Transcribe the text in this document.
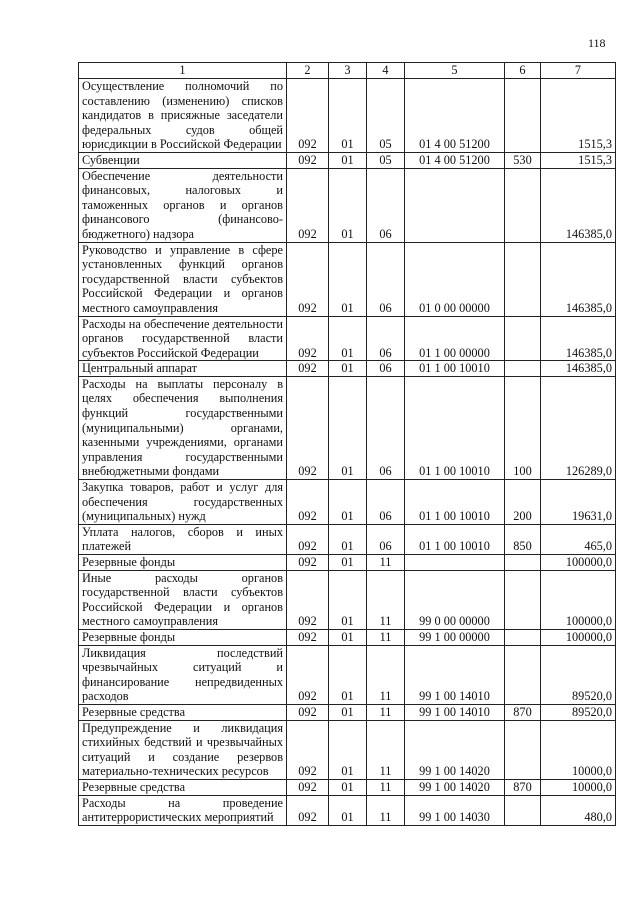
118
1	2	3	4	5	6	7
Осуществление полномочий по составлению (изменению) списков кандидатов в присяжные заседатели федеральных судов общей юрисдикции в Российской Федерации	092	01	05	01 4 00 51200		1515,3
Субвенции	092	01	05	01 4 00 51200	530	1515,3
Обеспечение деятельности финансовых, налоговых и таможенных органов и органов финансового (финансово-бюджетного) надзора	092	01	06			146385,0
Руководство и управление в сфере установленных функций органов государственной власти субъектов Российской Федерации и органов местного самоуправления	092	01	06	01 0 00 00000		146385,0
Расходы на обеспечение деятельности органов государственной власти субъектов Российской Федерации	092	01	06	01 1 00 00000		146385,0
Центральный аппарат	092	01	06	01 1 00 10010		146385,0
Расходы на выплаты персоналу в целях обеспечения выполнения функций государственными (муниципальными) органами, казенными учреждениями, органами управления государственными внебюджетными фондами	092	01	06	01 1 00 10010	100	126289,0
Закупка товаров, работ и услуг для обеспечения государственных (муниципальных) нужд	092	01	06	01 1 00 10010	200	19631,0
Уплата налогов, сборов и иных платежей	092	01	06	01 1 00 10010	850	465,0
Резервные фонды	092	01	11			100000,0
Иные расходы органов государственной власти субъектов Российской Федерации и органов местного самоуправления	092	01	11	99 0 00 00000		100000,0
Резервные фонды	092	01	11	99 1 00 00000		100000,0
Ликвидация последствий чрезвычайных ситуаций и финансирование непредвиденных расходов	092	01	11	99 1 00 14010		89520,0
Резервные средства	092	01	11	99 1 00 14010	870	89520,0
Предупреждение и ликвидация стихийных бедствий и чрезвычайных ситуаций и создание резервов материально-технических ресурсов	092	01	11	99 1 00 14020		10000,0
Резервные средства	092	01	11	99 1 00 14020	870	10000,0
Расходы на проведение антитеррористических мероприятий	092	01	11	99 1 00 14030		480,0
